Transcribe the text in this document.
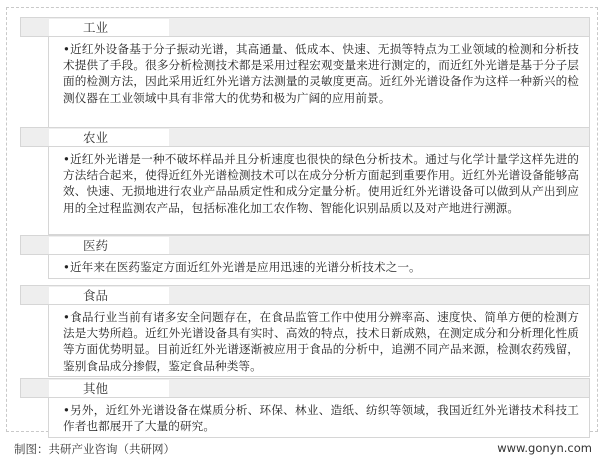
工业

•近红外设备基于分子振动光谱，其高通量、低成本、快速、无损等特点为工业领域的检测和分析技术提供了手段。很多分析检测技术都是采用过程宏观变量来进行测定的，而近红外光谱是基于分子层面的检测方法，因此采用近红外光谱方法测量的灵敏度更高。近红外光谱设备作为这样一种新兴的检测仪器在工业领域中具有非常大的优势和极为广阔的应用前景。

农业

•近红外光谱是一种不破坏样品并且分析速度也很快的绿色分析技术。通过与化学计量学这样先进的方法结合起来，使得近红外光谱检测技术可以在成分分析方面起到重要作用。近红外光谱设备能够高效、快速、无损地进行农业产品品质定性和成分定量分析。使用近红外光谱设备可以做到从产出到应用的全过程监测农产品，包括标准化加工农作物、智能化识别品质以及对产地进行溯源。

医药

•近年来在医药鉴定方面近红外光谱是应用迅速的光谱分析技术之一。

食品

•食品行业当前有诸多安全问题存在，在食品监管工作中使用分辨率高、速度快、简单方便的检测方法是大势所趋。近红外光谱设备具有实时、高效的特点，技术日新成熟，在测定成分和分析理化性质等方面优势明显。目前近红外光谱逐渐被应用于食品的分析中，追溯不同产品来源，检测农药残留，鉴别食品成分掺假，鉴定食品种类等。

其他

•另外，近红外光谱设备在煤质分析、环保、林业、造纸、纺织等领域，我国近红外光谱技术科技工作者也都展开了大量的研究。

制图：共研产业咨询（共研网）	www.gonyn.com
